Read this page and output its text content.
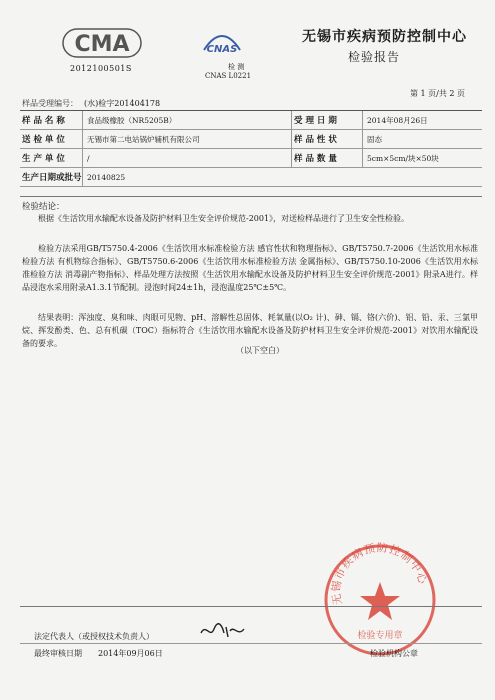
CMA
2012100501S
CNAS
检 测
CNAS L0221
无锡市疾病预防控制中心
检验报告
第 1 页/共 2 页
样品受理编号： (水)检字201404178
样 品 名 称	食品级橡胶（NR5205B）	受 理 日 期	2014年08月26日
送 检 单 位	无锡市第二电站锅炉辅机有限公司	样 品 性 状	固态
生 产 单 位	/	样 品 数 量	5cm×5cm/块×50块
生产日期或批号 20140825
检验结论：
  根据《生活饮用水输配水设备及防护材料卫生安全评价规范-2001》，对送检样品进行了卫生安全性检验。
  检验方法采用GB/T5750.4-2006《生活饮用水标准检验方法 感官性状和物理指标》、GB/T5750.7-2006《生活饮用水标准检验方法 有机物综合指标》、GB/T5750.6-2006《生活饮用水标准检验方法 金属指标》、GB/T5750.10-2006《生活饮用水标准检验方法 消毒副产物指标》、样品处理方法按照《生活饮用水输配水设备及防护材料卫生安全评价规范-2001》附录A进行。样品浸泡水采用附录A1.3.1节配制。浸泡时间24±1h，浸泡温度25℃±5℃。
  结果表明：浑浊度、臭和味、肉眼可见物、pH、溶解性总固体、耗氧量(以O₂ 计)、砷、镉、铬(六价)、铝、铅、汞、三氯甲烷、挥发酚类、色、总有机碳（TOC）指标符合《生活饮用水输配水设备及防护材料卫生安全评价规范-2001》对饮用水输配设备的要求。
（以下空白）
无锡市疾病预防控制中心
检验专用章
法定代表人（或授权技术负责人）
最终审核日期 2014年09月06日	检验机构公章
